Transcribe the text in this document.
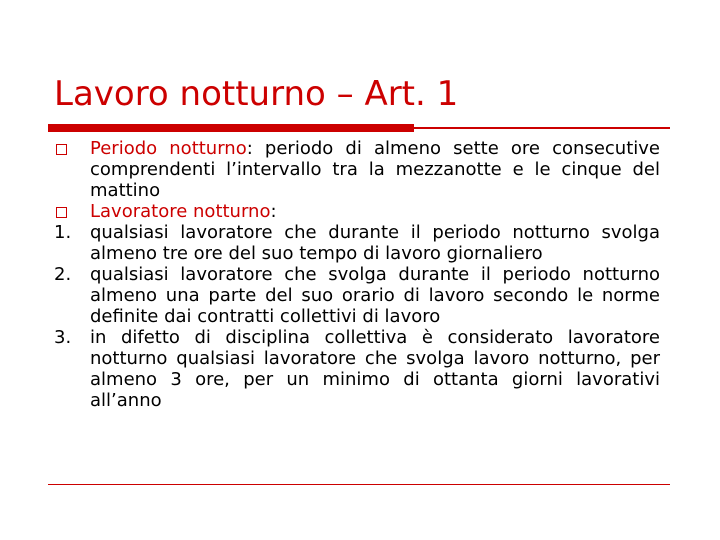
Lavoro notturno – Art. 1
Periodo notturno: periodo di almeno sette ore consecutive comprendenti l’intervallo tra la mezzanotte e le cinque del mattino
Lavoratore notturno:
1.	qualsiasi lavoratore che durante il periodo notturno svolga almeno tre ore del suo tempo di lavoro giornaliero
2.	qualsiasi lavoratore che svolga durante il periodo notturno almeno una parte del suo orario di lavoro secondo le norme definite dai contratti collettivi di lavoro
3.	in difetto di disciplina collettiva è considerato lavoratore notturno qualsiasi lavoratore che svolga lavoro notturno, per almeno 3 ore, per un minimo di ottanta giorni lavorativi all’anno
